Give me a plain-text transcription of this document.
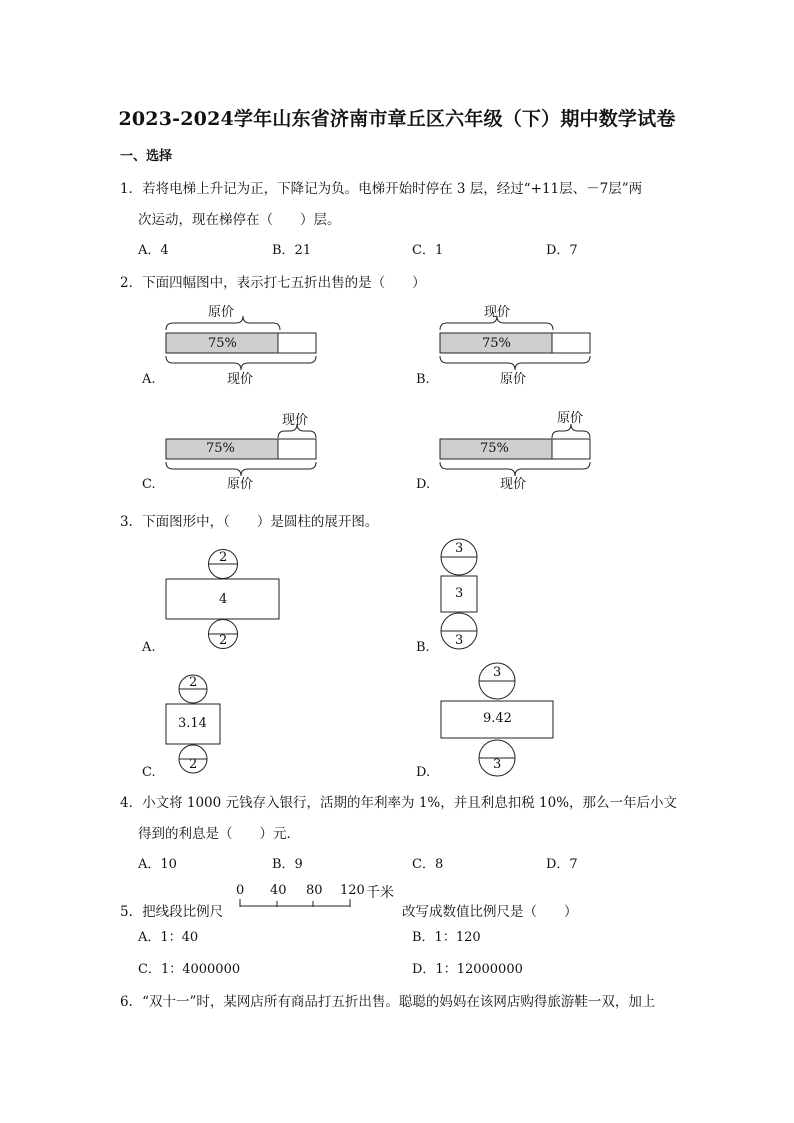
2023-2024学年山东省济南市章丘区六年级（下）期中数学试卷
一、选择
1．若将电梯上升记为正，下降记为负。电梯开始时停在 3 层，经过“+11层、－7层”两
次运动，现在梯停在（　　）层。
A．4	B．21	C．1	D．7
2．下面四幅图中，表示打七五折出售的是（　　）
原价
75%
现价
A.
现价
75%
原价
B.
现价
75%
原价
C.
原价
75%
现价
D.
3．下面图形中，（　　）是圆柱的展开图。
2
4
2
A.
3
3
3
B.
2
3.14
2
C.
3
9.42
3
D.
4．小文将 1000 元钱存入银行，活期的年利率为 1%，并且利息扣税 10%，那么一年后小文
得到的利息是（　　）元．
A．10	B．9	C．8	D．7
5．把线段比例尺
0 40 80 120 千米
改写成数值比例尺是（　　）
A．1：40	B．1：120
C．1：4000000	D．1：12000000
6．“双十一”时，某网店所有商品打五折出售。聪聪的妈妈在该网店购得旅游鞋一双，加上
